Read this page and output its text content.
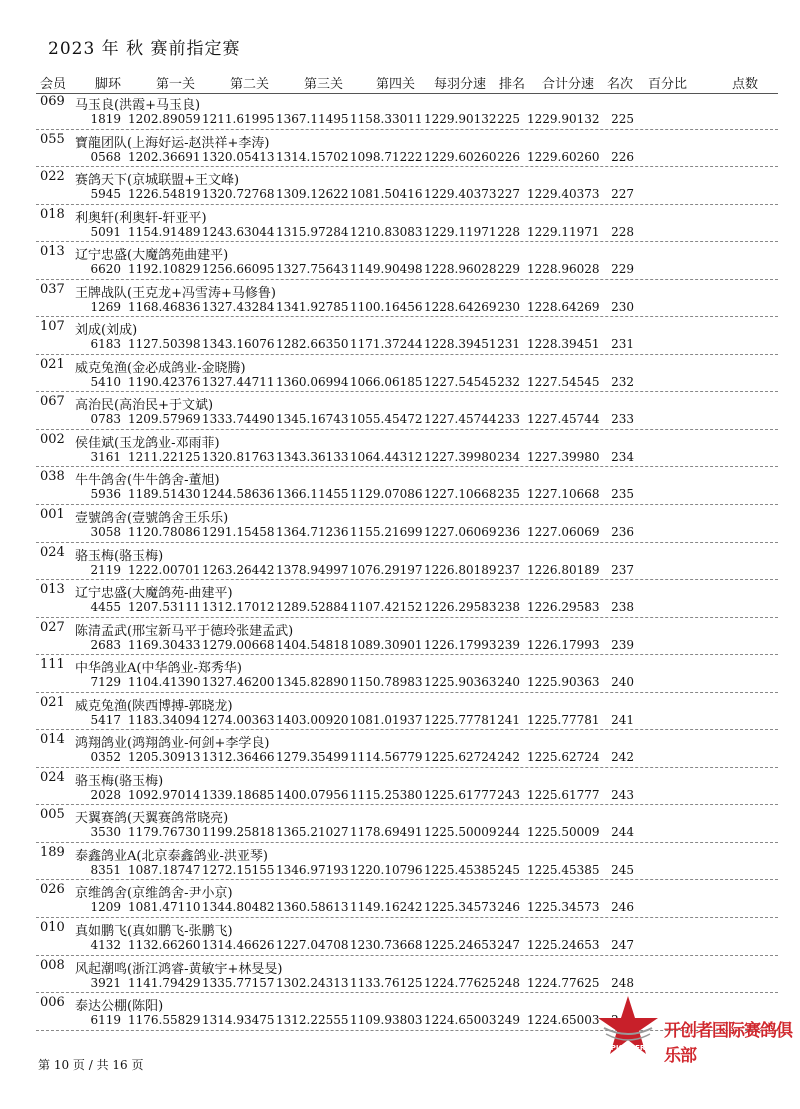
2023 年 秋 赛前指定赛
会员 脚环	第一关	第二关	第三关	第四关 每羽分速 排名 合计分速 名次 百分比	点数
069 马玉良(洪霞+马玉良)
1819 1202.89059 1211.61995 1367.11495 1158.33011 1229.90132 225 1229.90132 225
055 寶龍团队(上海好运-赵洪祥+李涛)
0568 1202.36691 1320.05413 1314.15702 1098.71222 1229.60260 226 1229.60260 226
022 赛鸽天下(京城联盟+王文峰)
5945 1226.54819 1320.72768 1309.12622 1081.50416 1229.40373 227 1229.40373 227
018 利奥轩(利奥轩-轩亚平)
5091 1154.91489 1243.63044 1315.97284 1210.83083 1229.11971 228 1229.11971 228
013 辽宁忠盛(大魔鸽苑曲建平)
6620 1192.10829 1256.66095 1327.75643 1149.90498 1228.96028 229 1228.96028 229
037 王牌战队(王克龙+冯雪涛+马修鲁)
1269 1168.46836 1327.43284 1341.92785 1100.16456 1228.64269 230 1228.64269 230
107 刘成(刘成)
6183 1127.50398 1343.16076 1282.66350 1171.37244 1228.39451 231 1228.39451 231
021 威克兔渔(金必成鸽业-金晓腾)
5410 1190.42376 1327.44711 1360.06994 1066.06185 1227.54545 232 1227.54545 232
067 高治民(高治民+于文斌)
0783 1209.57969 1333.74490 1345.16743 1055.45472 1227.45744 233 1227.45744 233
002 侯佳斌(玉龙鸽业-邓雨菲)
3161 1211.22125 1320.81763 1343.36133 1064.44312 1227.39980 234 1227.39980 234
038 牛牛鸽舍(牛牛鸽舍-董旭)
5936 1189.51430 1244.58636 1366.11455 1129.07086 1227.10668 235 1227.10668 235
001 壹號鸽舍(壹號鸽舍王乐乐)
3058 1120.78086 1291.15458 1364.71236 1155.21699 1227.06069 236 1227.06069 236
024 骆玉梅(骆玉梅)
2119 1222.00701 1263.26442 1378.94997 1076.29197 1226.80189 237 1226.80189 237
013 辽宁忠盛(大魔鸽苑-曲建平)
4455 1207.53111 1312.17012 1289.52884 1107.42152 1226.29583 238 1226.29583 238
027 陈清孟武(邢宝新马平于德玲张建孟武)
2683 1169.30433 1279.00668 1404.54818 1089.30901 1226.17993 239 1226.17993 239
111 中华鸽业A(中华鸽业-郑秀华)
7129 1104.41390 1327.46200 1345.82890 1150.78983 1225.90363 240 1225.90363 240
021 威克兔渔(陕西博搏-郭晓龙)
5417 1183.34094 1274.00363 1403.00920 1081.01937 1225.77781 241 1225.77781 241
014 鸿翔鸽业(鸿翔鸽业-何剑+李学良)
0352 1205.30913 1312.36466 1279.35499 1114.56779 1225.62724 242 1225.62724 242
024 骆玉梅(骆玉梅)
2028 1092.97014 1339.18685 1400.07956 1115.25380 1225.61777 243 1225.61777 243
005 天翼赛鸽(天翼赛鸽常晓亮)
3530 1179.76730 1199.25818 1365.21027 1178.69491 1225.50009 244 1225.50009 244
189 泰鑫鸽业A(北京泰鑫鸽业-洪亚琴)
8351 1087.18747 1272.15155 1346.97193 1220.10796 1225.45385 245 1225.45385 245
026 京维鸽舍(京维鸽舍-尹小京)
1209 1081.47110 1344.80482 1360.58613 1149.16242 1225.34573 246 1225.34573 246
010 真如鹏飞(真如鹏飞-张鹏飞)
4132 1132.66260 1314.46626 1227.04708 1230.73668 1225.24653 247 1225.24653 247
008 风起潮鸣(浙江鸿睿-黄敏宇+林旻旻)
3921 1141.79429 1335.77157 1302.24313 1133.76125 1224.77625 248 1224.77625 248
006 泰达公棚(陈阳)
6119 1176.55829 1314.93475 1312.22555 1109.93803 1224.65003 249 1224.65003
第 10 页 / 共 16 页
PIONEER
开创者国际赛鸽俱乐部
